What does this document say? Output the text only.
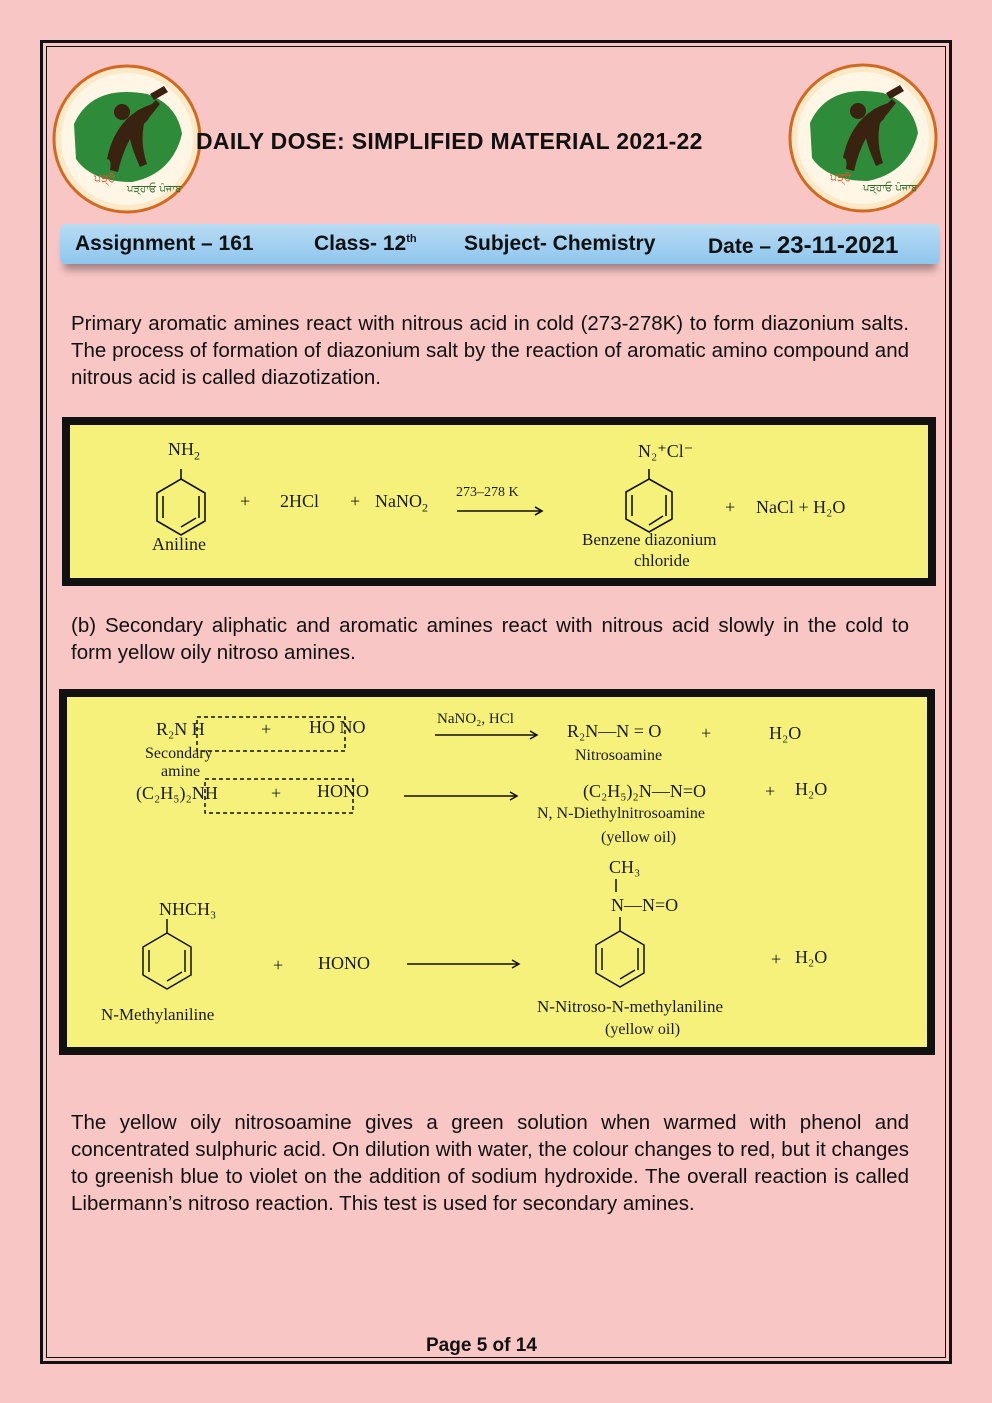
ਪੜ੍ਹੋ
ਪੜ੍ਹਾਓ ਪੰਜਾਬ
ਪੜ੍ਹੋ
ਪੜ੍ਹਾਓ ਪੰਜਾਬ
DAILY DOSE: SIMPLIFIED MATERIAL 2021-22
Assignment – 161	Class- 12th Subject- Chemistry	Date – 23-11-2021
Primary aromatic amines react with nitrous acid in cold (273-278K) to form diazonium salts. The process of formation of diazonium salt by the reaction of aromatic amino compound and nitrous acid is called diazotization.
$NH_2$
Aniline
+ 2HCl + NaNO$_2$
273–278 K
N₂⁺Cl⁻
Benzene diazonium
chloride
+ NaCl + H₂O
(b) Secondary aliphatic and aromatic amines react with nitrous acid slowly in the cold to form yellow oily nitroso amines.
R₂N H	+ HO NO	NaNO₂, HCl
R₂N—N = O +	H₂O
Secondary
amine
Nitrosoamine
(C₂H₅)₂NH	+ HONO	(C₂H₅)₂N—N=O	+ H₂O
N, N-Diethylnitrosoamine
(yellow oil)
NHCH₃
N-Methylaniline
+ HONO
CH₃
N—N=O
+ H₂O
N-Nitroso-N-methylaniline
(yellow oil)
The yellow oily nitrosoamine gives a green solution when warmed with phenol and concentrated sulphuric acid. On dilution with water, the colour changes to red, but it changes to greenish blue to violet on the addition of sodium hydroxide. The overall reaction is called Libermann’s nitroso reaction. This test is used for secondary amines.
Page 5 of 14
